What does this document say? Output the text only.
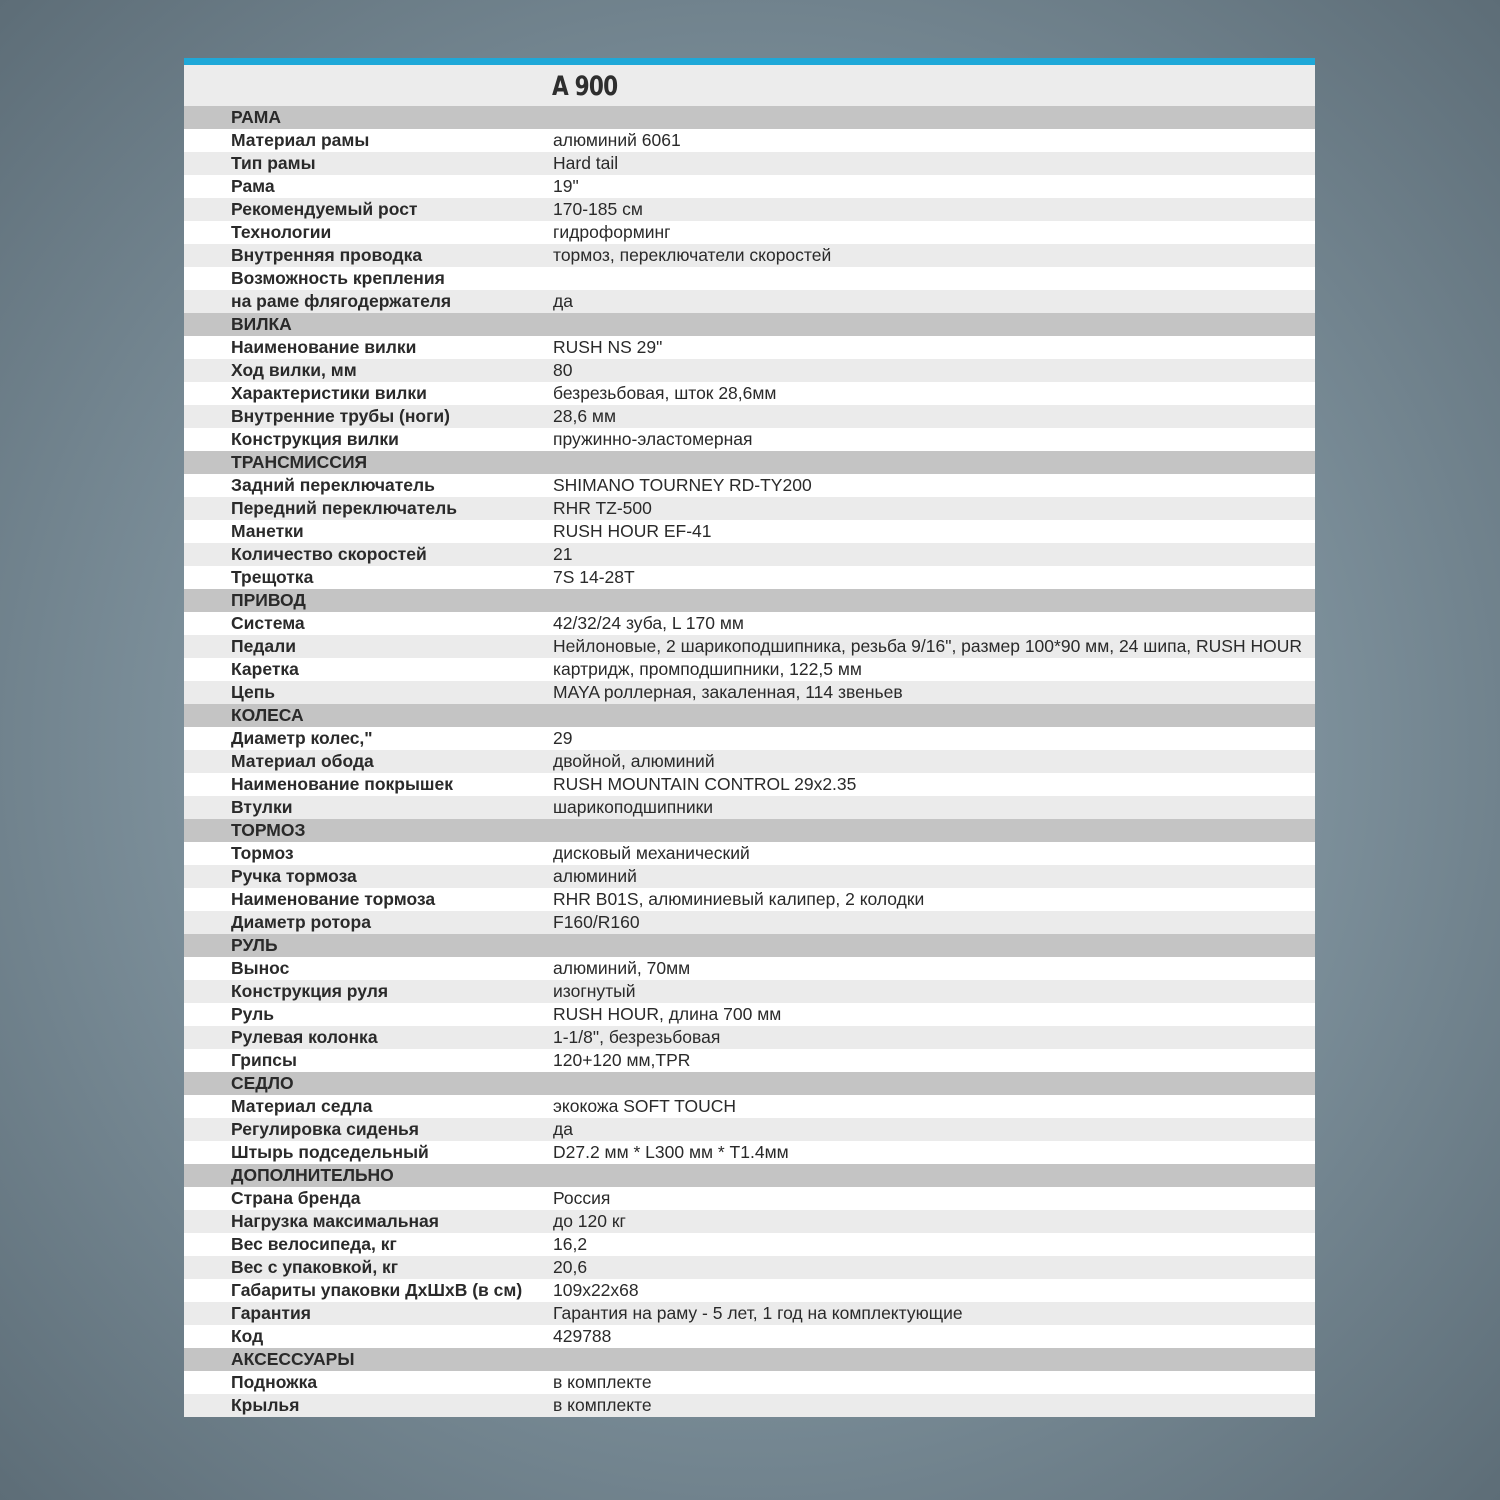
A 900
РАМА
Материал рамы	алюминий 6061
Тип рамы	Hard tail
Рама	19"
Рекомендуемый рост	170-185 см
Технологии	гидроформинг
Внутренняя проводка	тормоз, переключатели скоростей
Возможность крепления
на раме флягодержателя	да
ВИЛКА
Наименование вилки	RUSH NS 29"
Ход вилки, мм	80
Характеристики вилки	безрезьбовая, шток 28,6мм
Внутренние трубы (ноги)	28,6 мм
Конструкция вилки	пружинно-эластомерная
ТРАНСМИССИЯ
Задний переключатель	SHIMANO TOURNEY RD-TY200
Передний переключатель	RHR TZ-500
Манетки	RUSH HOUR EF-41
Количество скоростей	21
Трещотка	7S 14-28T
ПРИВОД
Система	42/32/24 зуба, L 170 мм
Педали	Нейлоновые, 2 шарикоподшипника, резьба 9/16", размер 100*90 мм, 24 шипа, RUSH HOUR
Каретка	картридж, промподшипники, 122,5 мм
Цепь	MAYA роллерная, закаленная, 114 звеньев
КОЛЕСА
Диаметр колес,"	29
Материал обода	двойной, алюминий
Наименование покрышек	RUSH MOUNTAIN CONTROL 29x2.35
Втулки	шарикоподшипники
ТОРМОЗ
Тормоз	дисковый механический
Ручка тормоза	алюминий
Наименование тормоза	RHR B01S, алюминиевый калипер, 2 колодки
Диаметр ротора	F160/R160
РУЛЬ
Вынос	алюминий, 70мм
Конструкция руля	изогнутый
Руль	RUSH HOUR, длина 700 мм
Рулевая колонка	1-1/8", безрезьбовая
Грипсы	120+120 мм,TPR
СЕДЛО
Материал седла	экокожа SOFT TOUCH
Регулировка сиденья	да
Штырь подседельный	D27.2 мм * L300 мм * T1.4мм
ДОПОЛНИТЕЛЬНО
Страна бренда	Россия
Нагрузка максимальная	до 120 кг
Вес велосипеда, кг	16,2
Вес с упаковкой, кг	20,6
Габариты упаковки ДхШхВ (в см) 109x22x68
Гарантия	Гарантия на раму - 5 лет, 1 год на комплектующие
Код	429788
АКСЕССУАРЫ
Подножка	в комплекте
Крылья	в комплекте
